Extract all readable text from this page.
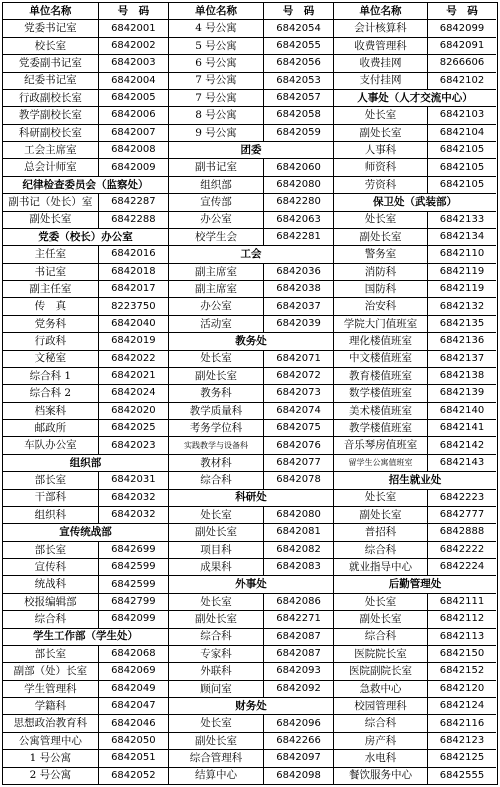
单位名称	号　码
党委书记室	6842001
校长室	6842002
党委副书记室	6842003
纪委书记室	6842004
行政副校长室	6842005
教学副校长室	6842006
科研副校长室	6842007
工会主席室	6842008
总会计师室	6842009
纪律检查委员会（监察处）
副书记（处长）室	6842287
副处长室	6842288
党委（校长）办公室
主任室	6842016
书记室	6842018
副主任室	6842017
传　真	8223750
党务科	6842040
行政科	6842019
文秘室	6842022
综合科 1	6842021
综合科 2	6842024
档案科	6842020
邮政所	6842025
车队办公室	6842023
组织部
部长室	6842031
干部科	6842032
组织科	6842032
宣传统战部
部长室	6842699
宣传科	6842599
统战科	6842599
校报编辑部	6842799
综合科	6842099
学生工作部（学生处）
部长室	6842068
副部（处）长室	6842069
学生管理科	6842049
学籍科	6842047
思想政治教育科	6842046
公寓管理中心	6842050
1 号公寓	6842051
2 号公寓	6842052
单位名称	号　码
4 号公寓	6842054
5 号公寓	6842055
6 号公寓	6842056
7 号公寓	6842053
7 号公寓	6842057
8 号公寓	6842058
9 号公寓	6842059
团委
副书记室	6842060
组织部	6842080
宣传部	6842280
办公室	6842063
校学生会	6842281
工会
副主席室	6842036
副主席室	6842038
办公室	6842037
活动室	6842039
教务处
处长室	6842071
副处长室	6842072
教务科	6842073
教学质量科	6842074
考务学位科	6842075
实践教学与设备科	6842076
教材科	6842077
综合科	6842078
科研处
处长室	6842080
副处长室	6842081
项目科	6842082
成果科	6842083
外事处
处长室	6842086
副处长室	6842271
综合科	6842087
专家科	6842087
外联科	6842093
顾问室	6842092
财务处
处长室	6842096
副处长室	6842266
综合管理科	6842097
结算中心	6842098
单位名称	号　码
会计核算科	6842099
收费管理科	6842091
收费挂网	8266606
支付挂网	6842102
人事处（人才交流中心）
处长室	6842103
副处长室	6842104
人事科	6842105
师资科	6842105
劳资科	6842105
保卫处（武装部）
处长室	6842133
副处长室	6842134
警务室	6842110
消防科	6842119
国防科	6842119
治安科	6842132
学院大门值班室	6842135
理化楼值班室	6842136
中文楼值班室	6842137
教育楼值班室	6842138
数学楼值班室	6842139
美术楼值班室	6842140
教学楼值班室	6842141
音乐琴房值班室	6842142
留学生公寓值班室	6842143
招生就业处
处长室	6842223
副处长室	6842777
普招科	6842888
综合科	6842222
就业指导中心	6842224
后勤管理处
处长室	6842111
副处长室	6842112
综合科	6842113
医院院长室	6842150
医院副院长室	6842152
急救中心	6842120
校园管理科	6842124
综合科	6842116
房产科	6842123
水电科	6842125
餐饮服务中心	6842555
